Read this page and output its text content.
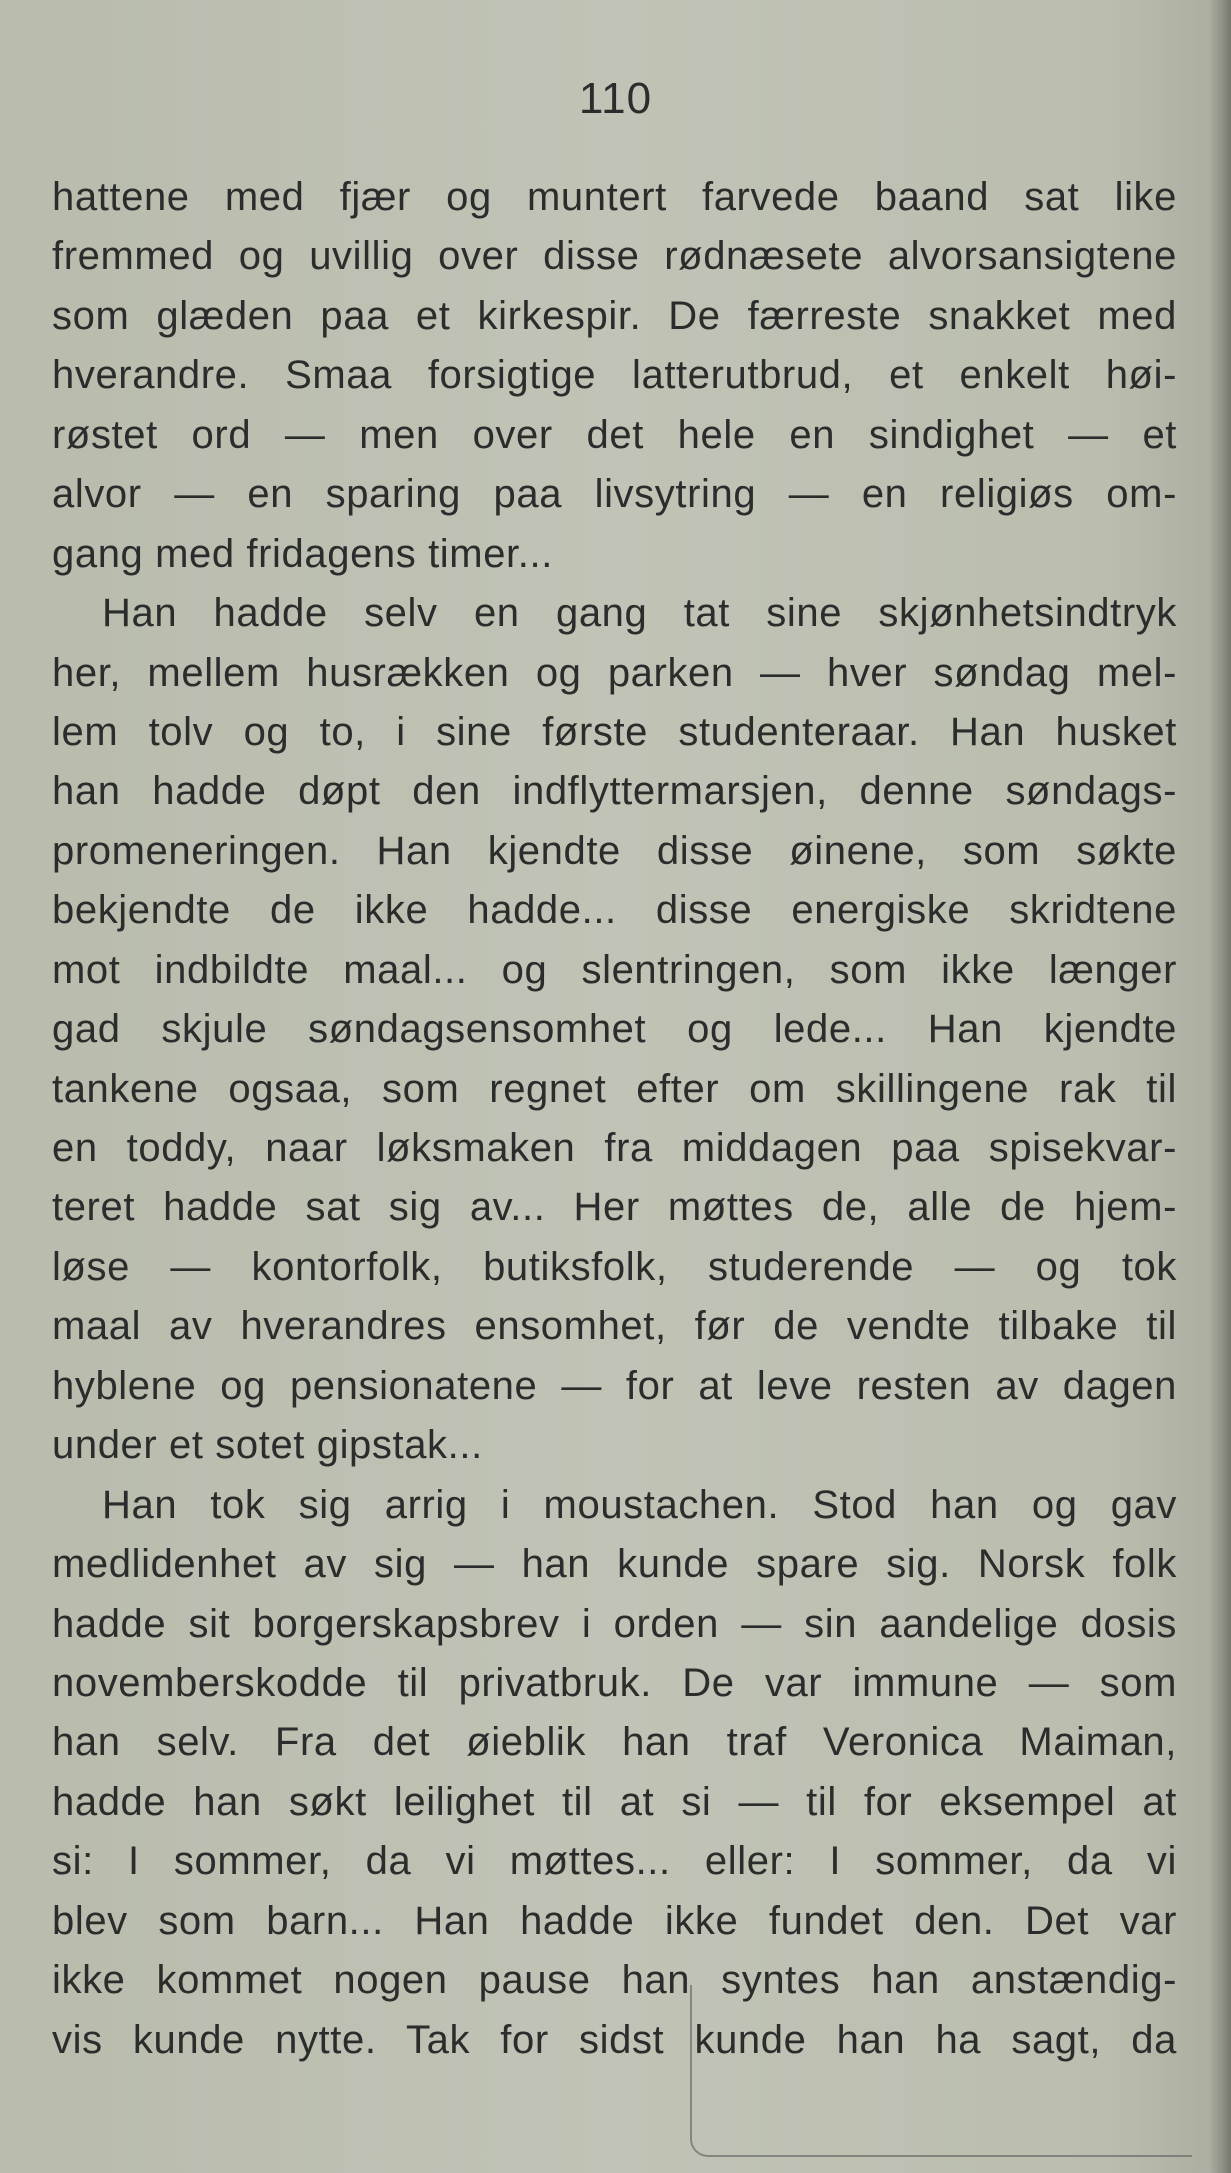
110
hattene med fjær og muntert farvede baand sat like
fremmed og uvillig over disse rødnæsete alvorsansigtene
som glæden paa et kirkespir. De færreste snakket med
hverandre. Smaa forsigtige latterutbrud, et enkelt høi-
røstet ord — men over det hele en sindighet — et
alvor — en sparing paa livsytring — en religiøs om-
gang med fridagens timer...
Han hadde selv en gang tat sine skjønhetsindtryk
her, mellem husrækken og parken — hver søndag mel-
lem tolv og to, i sine første studenteraar. Han husket
han hadde døpt den indflyttermarsjen, denne søndags-
promeneringen. Han kjendte disse øinene, som søkte
bekjendte de ikke hadde... disse energiske skridtene
mot indbildte maal... og slentringen, som ikke længer
gad skjule søndagsensomhet og lede... Han kjendte
tankene ogsaa, som regnet efter om skillingene rak til
en toddy, naar løksmaken fra middagen paa spisekvar-
teret hadde sat sig av... Her møttes de, alle de hjem-
løse — kontorfolk, butiksfolk, studerende — og tok
maal av hverandres ensomhet, før de vendte tilbake til
hyblene og pensionatene — for at leve resten av dagen
under et sotet gipstak...
Han tok sig arrig i moustachen. Stod han og gav
medlidenhet av sig — han kunde spare sig. Norsk folk
hadde sit borgerskapsbrev i orden — sin aandelige dosis
novemberskodde til privatbruk. De var immune — som
han selv. Fra det øieblik han traf Veronica Maiman,
hadde han søkt leilighet til at si — til for eksempel at
si: I sommer, da vi møttes... eller: I sommer, da vi
blev som barn... Han hadde ikke fundet den. Det var
ikke kommet nogen pause han syntes han anstændig-
vis kunde nytte. Tak for sidst kunde han ha sagt, da
